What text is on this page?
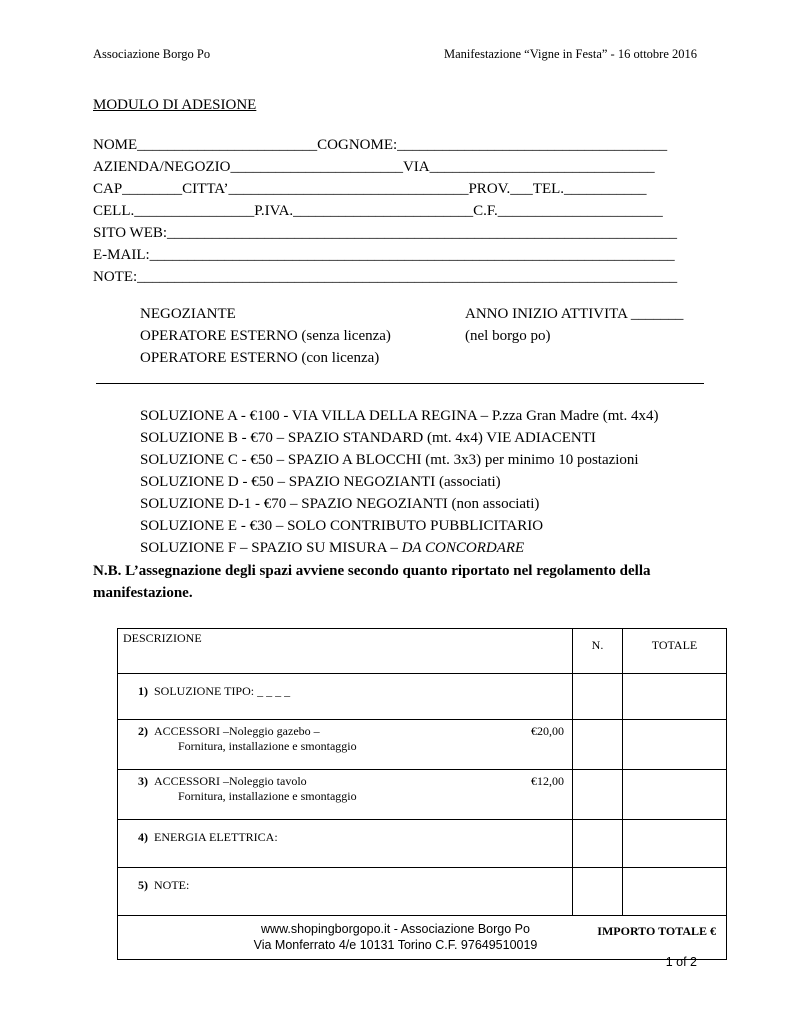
Associazione Borgo Po	Manifestazione “Vigne in Festa” - 16 ottobre 2016
MODULO DI ADESIONE
NOME________________________COGNOME:____________________________________
AZIENDA/NEGOZIO_______________________VIA______________________________
CAP________CITTA’________________________________PROV.___TEL.___________
CELL.________________P.IVA.________________________C.F.______________________
SITO WEB:____________________________________________________________________
E-MAIL:______________________________________________________________________
NOTE:________________________________________________________________________
NEGOZIANTE
OPERATORE ESTERNO (senza licenza)
OPERATORE ESTERNO (con licenza)
ANNO INIZIO ATTIVITA _______
(nel borgo po)
SOLUZIONE A - €100 - VIA VILLA DELLA REGINA – P.zza Gran Madre (mt. 4x4)
SOLUZIONE B - €70 – SPAZIO STANDARD (mt. 4x4) VIE ADIACENTI
SOLUZIONE C - €50 – SPAZIO A BLOCCHI (mt. 3x3) per minimo 10 postazioni
SOLUZIONE D - €50 – SPAZIO NEGOZIANTI (associati)
SOLUZIONE D-1 - €70 – SPAZIO NEGOZIANTI (non associati)
SOLUZIONE E - €30 – SOLO CONTRIBUTO PUBBLICITARIO
SOLUZIONE F – SPAZIO SU MISURA – DA CONCORDARE
N.B. L’assegnazione degli spazi avviene secondo quanto riportato nel regolamento della
manifestazione.
DESCRIZIONE	N.	TOTALE

1) SOLUZIONE TIPO: _ _ _ _		

2) ACCESSORI –Noleggio gazebo – €20,00
Fornitura, installazione e smontaggio		

3) ACCESSORI –Noleggio tavolo €12,00
Fornitura, installazione e smontaggio		

4) ENERGIA ELETTRICA:		

5) NOTE:		

IMPORTO TOTALE €		
www.shopingborgopo.it - Associazione Borgo Po
Via Monferrato 4/e 10131 Torino C.F. 97649510019
1 of 2
